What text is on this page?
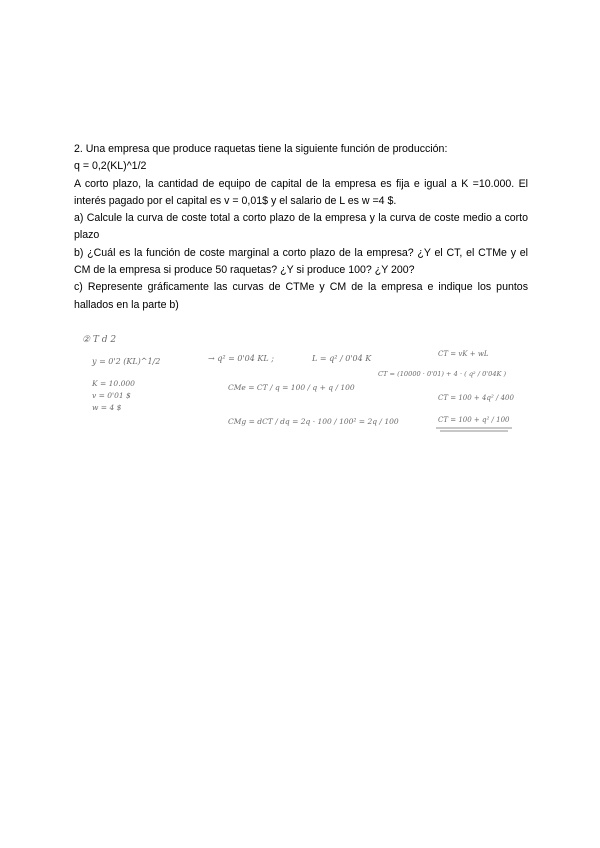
2. Una empresa que produce raquetas tiene la siguiente función de producción:

q = 0,2(KL)^1/2

A corto plazo, la cantidad de equipo de capital de la empresa es fija e igual a K =10.000. El interés pagado por el capital es v = 0,01$ y el salario de L es w =4 $.

a) Calcule la curva de coste total a corto plazo de la empresa y la curva de coste medio a corto plazo

b) ¿Cuál es la función de coste marginal a corto plazo de la empresa? ¿Y el CT, el CTMe y el CM de la empresa si produce 50 raquetas? ¿Y si produce 100? ¿Y 200?

c) Represente gráficamente las curvas de CTMe y CM de la empresa e indique los puntos hallados en la parte b)

② T d 2
y = 0'2 (KL)^1/2	→ q² = 0'04 KL ;	L = q² / 0'04 K
K = 10.000
v = 0'01 $
w = 4 $
CMe = CT / q = 100 / q + q / 100
CMg = dCT / dq = 2q · 100 / 100² = 2q / 100
CT = vK + wL
CT = (10000 · 0'01) + 4 · ( q² / 0'04K )
CT = 100 + 4q² / 400
CT = 100 + q² / 100
